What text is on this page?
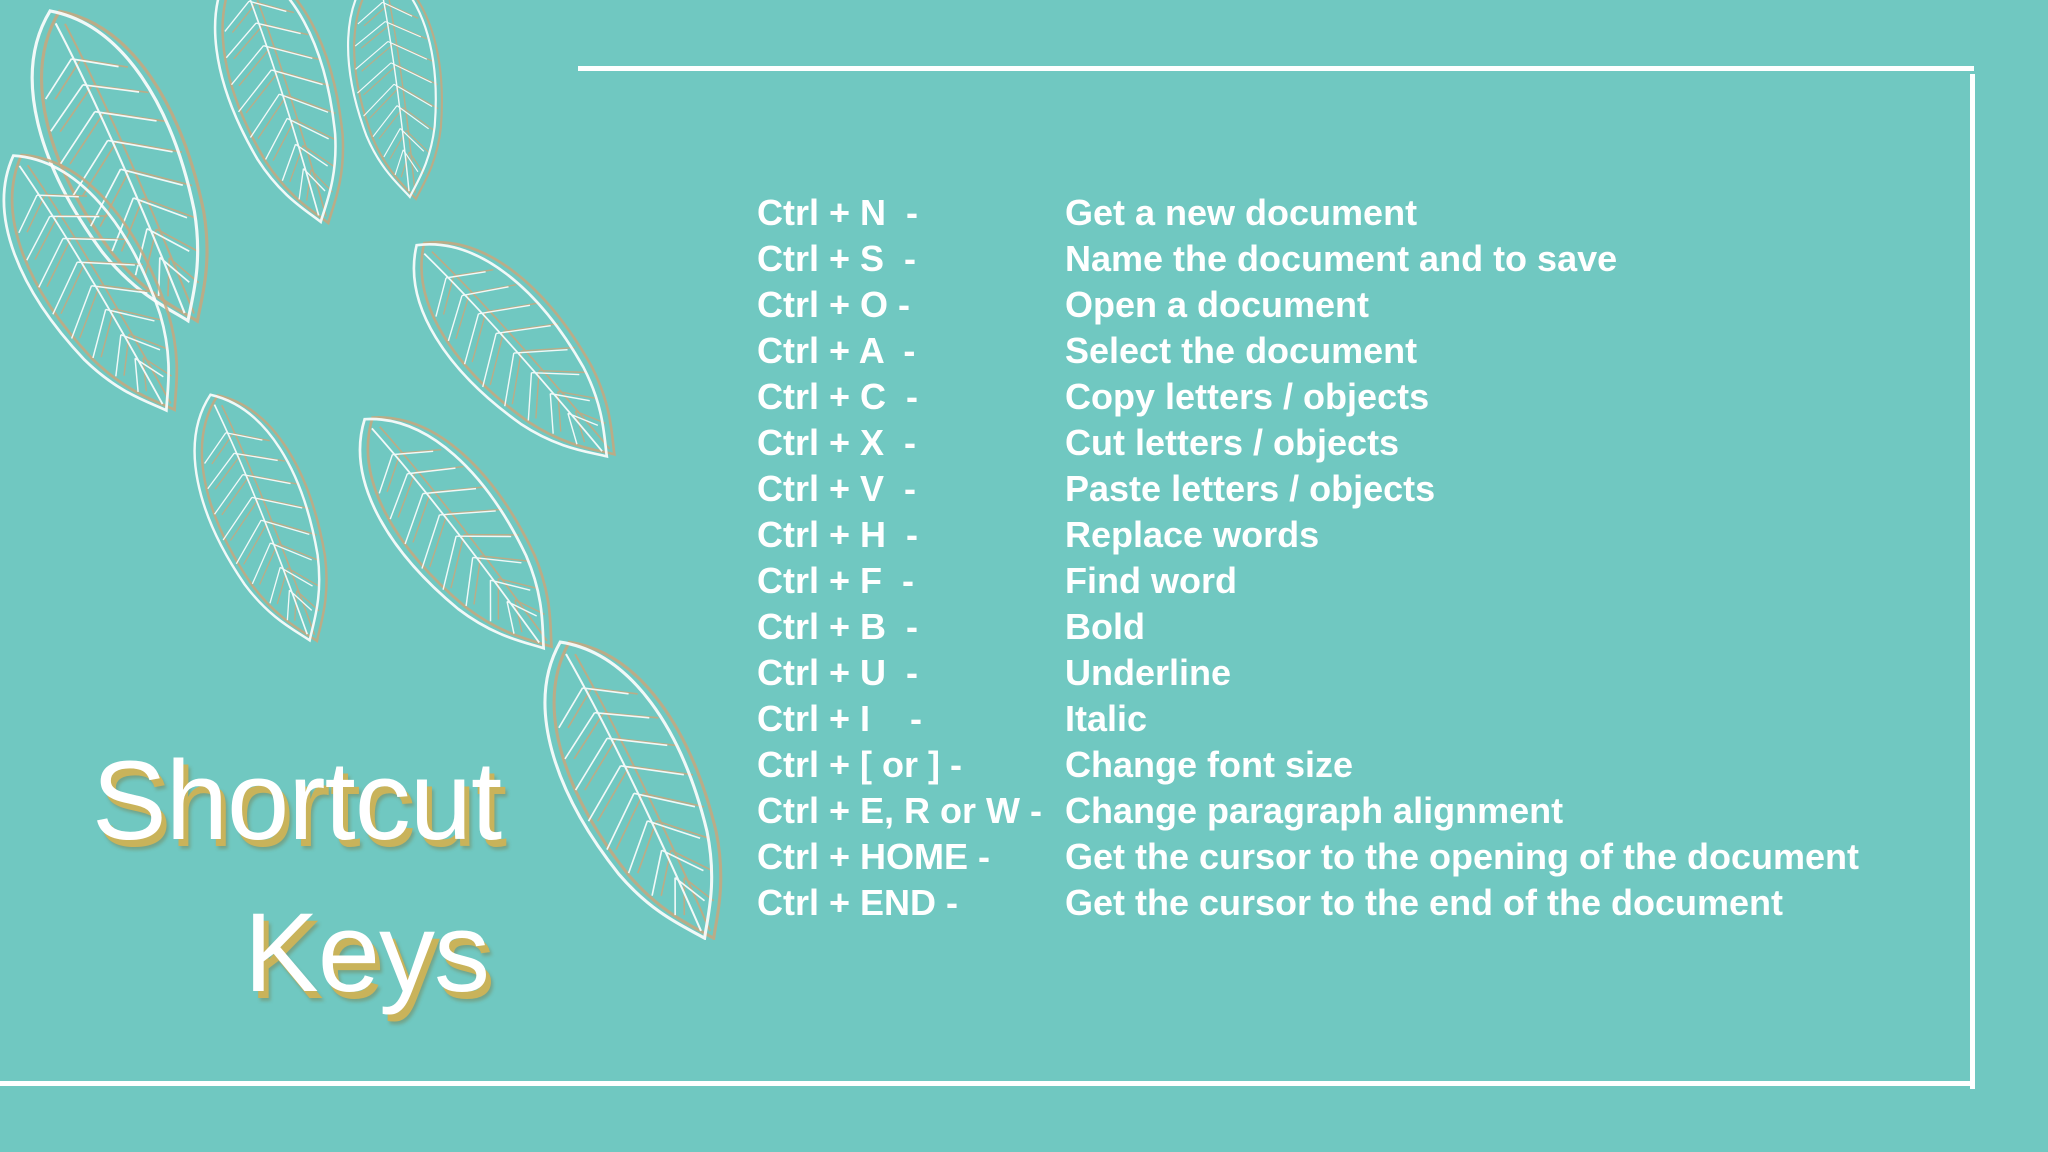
Shortcut
Keys
Ctrl + N  -	Get a new document
Ctrl + S  -	Name the document and to save
Ctrl + O -	Open a document
Ctrl + A  -	Select the document
Ctrl + C  -	Copy letters / objects
Ctrl + X  -	Cut letters / objects
Ctrl + V  -	Paste letters / objects
Ctrl + H  -	Replace words
Ctrl + F  -	Find word
Ctrl + B  -	Bold
Ctrl + U  -	Underline
Ctrl + I    -	Italic
Ctrl + [ or ] -	Change font size
Ctrl + E, R or W - Change paragraph alignment
Ctrl + HOME - Get the cursor to the opening of the document
Ctrl + END -	Get the cursor to the end of the document
